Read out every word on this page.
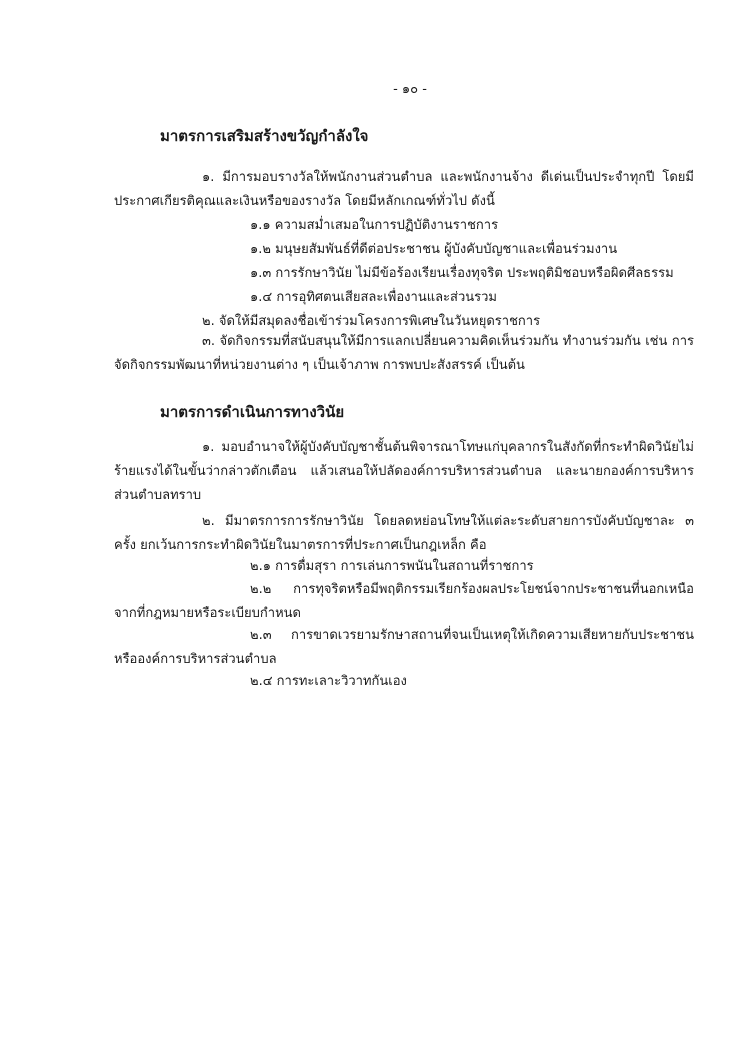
- ๑๐ -
มาตรการเสริมสร้างขวัญกำลังใจ

๑. มีการมอบรางวัลให้พนักงานส่วนตำบล และพนักงานจ้าง ดีเด่นเป็นประจำทุกปี โดยมีประกาศเกียรติคุณและเงินหรือของรางวัล โดยมีหลักเกณฑ์ทั่วไป ดังนี้

๑.๑ ความสม่ำเสมอในการปฏิบัติงานราชการ

๑.๒ มนุษยสัมพันธ์ที่ดีต่อประชาชน ผู้บังคับบัญชาและเพื่อนร่วมงาน

๑.๓ การรักษาวินัย ไม่มีข้อร้องเรียนเรื่องทุจริต ประพฤติมิชอบหรือผิดศีลธรรม

๑.๔ การอุทิศตนเสียสละเพื่องานและส่วนรวม

๒. จัดให้มีสมุดลงชื่อเข้าร่วมโครงการพิเศษในวันหยุดราชการ

๓. จัดกิจกรรมที่สนับสนุนให้มีการแลกเปลี่ยนความคิดเห็นร่วมกัน ทำงานร่วมกัน เช่น การจัดกิจกรรมพัฒนาที่หน่วยงานต่าง ๆ เป็นเจ้าภาพ การพบปะสังสรรค์ เป็นต้น

มาตรการดำเนินการทางวินัย

๑. มอบอำนาจให้ผู้บังคับบัญชาชั้นต้นพิจารณาโทษแก่บุคลากรในสังกัดที่กระทำผิดวินัยไม่ร้ายแรงได้ในขั้นว่ากล่าวตักเตือน แล้วเสนอให้ปลัดองค์การบริหารส่วนตำบล และนายกองค์การบริหารส่วนตำบลทราบ

๒. มีมาตรการการรักษาวินัย โดยลดหย่อนโทษให้แต่ละระดับสายการบังคับบัญชาละ ๓ ครั้ง ยกเว้นการกระทำผิดวินัยในมาตรการที่ประกาศเป็นกฎเหล็ก คือ

๒.๑ การดื่มสุรา การเล่นการพนันในสถานที่ราชการ

๒.๒ การทุจริตหรือมีพฤติกรรมเรียกร้องผลประโยชน์จากประชาชนที่นอกเหนือจากที่กฎหมายหรือระเบียบกำหนด

๒.๓ การขาดเวรยามรักษาสถานที่จนเป็นเหตุให้เกิดความเสียหายกับประชาชนหรือองค์การบริหารส่วนตำบล

๒.๔ การทะเลาะวิวาทกันเอง
